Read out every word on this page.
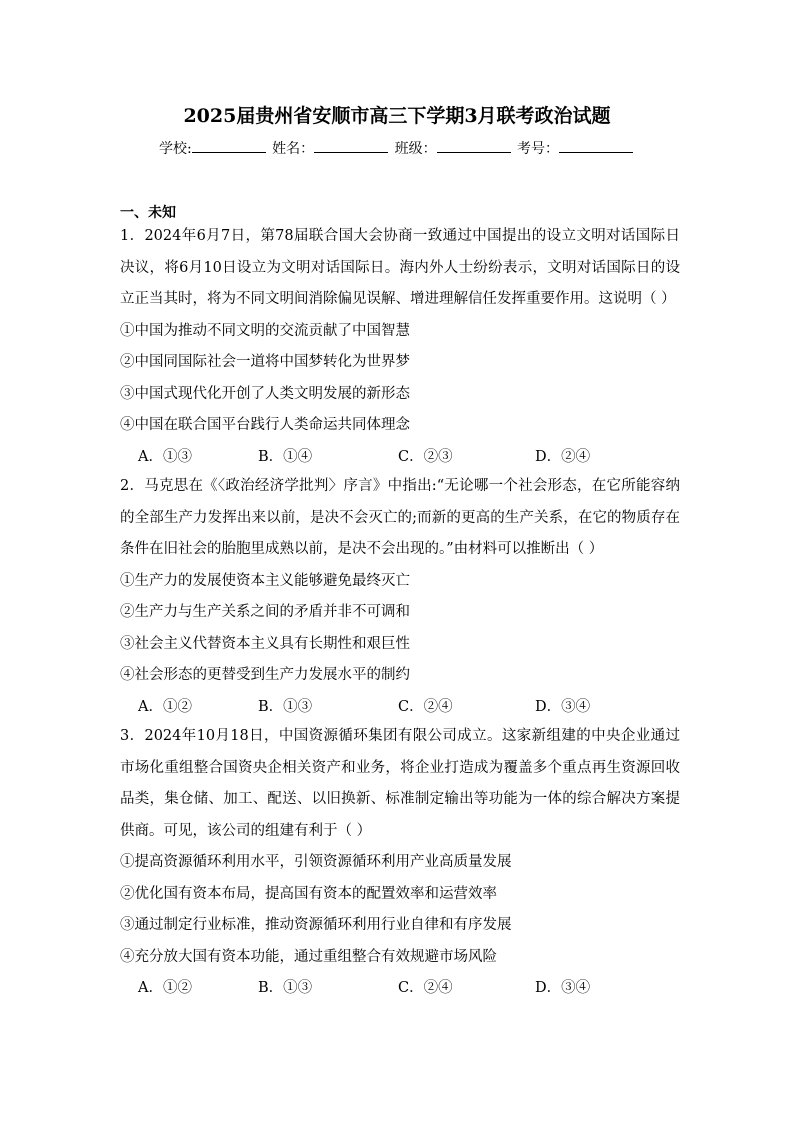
2025届贵州省安顺市高三下学期3月联考政治试题
学校:	姓名：	班级：	考号：
一、未知
1．2024年6月7日，第78届联合国大会协商一致通过中国提出的设立文明对话国际日决议，将6月10日设立为文明对话国际日。海内外人士纷纷表示，文明对话国际日的设立正当其时，将为不同文明间消除偏见误解、增进理解信任发挥重要作用。这说明（ ）
①中国为推动不同文明的交流贡献了中国智慧
②中国同国际社会一道将中国梦转化为世界梦
③中国式现代化开创了人类文明发展的新形态
④中国在联合国平台践行人类命运共同体理念
A．①③	B．①④	C．②③	D．②④
2．马克思在《〈政治经济学批判〉序言》中指出:“无论哪一个社会形态，在它所能容纳的全部生产力发挥出来以前，是决不会灭亡的;而新的更高的生产关系，在它的物质存在条件在旧社会的胎胞里成熟以前，是决不会出现的。”由材料可以推断出（ ）
①生产力的发展使资本主义能够避免最终灭亡
②生产力与生产关系之间的矛盾并非不可调和
③社会主义代替资本主义具有长期性和艰巨性
④社会形态的更替受到生产力发展水平的制约
A．①②	B．①③	C．②④	D．③④
3．2024年10月18日，中国资源循环集团有限公司成立。这家新组建的中央企业通过市场化重组整合国资央企相关资产和业务，将企业打造成为覆盖多个重点再生资源回收品类，集仓储、加工、配送、以旧换新、标准制定输出等功能为一体的综合解决方案提供商。可见，该公司的组建有利于（ ）
①提高资源循环利用水平，引领资源循环利用产业高质量发展
②优化国有资本布局，提高国有资本的配置效率和运营效率
③通过制定行业标准，推动资源循环利用行业自律和有序发展
④充分放大国有资本功能，通过重组整合有效规避市场风险
A．①②	B．①③	C．②④	D．③④
